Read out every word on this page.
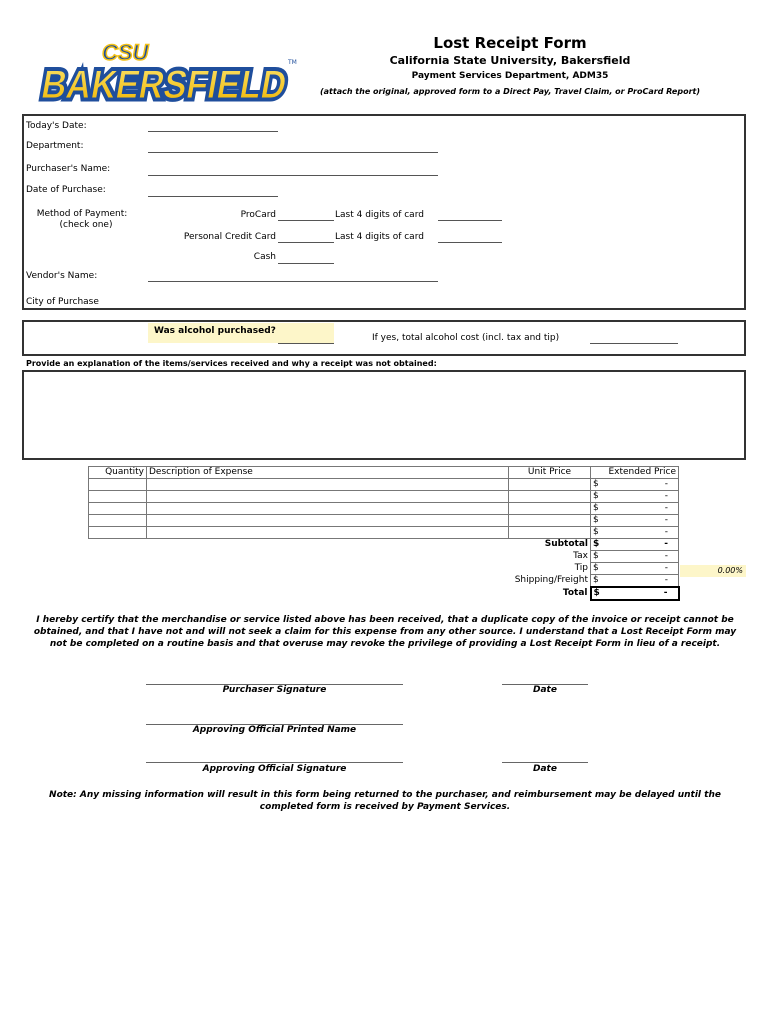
CSU
BAKERSFIELD
BAKERSFIELD
TM
Lost Receipt Form
California State University, Bakersfield
Payment Services Department, ADM35
(attach the original, approved form to a Direct Pay, Travel Claim, or ProCard Report)
Today's Date:
Department:
Purchaser's Name:
Date of Purchase:
Method of Payment:
(check one)
ProCard	Last 4 digits of card
Personal Credit Card	Last 4 digits of card
Cash
Vendor's Name:
City of Purchase
Was alcohol purchased?
If yes, total alcohol cost (incl. tax and tip)
Provide an explanation of the items/services received and why a receipt was not obtained:
Quantity	Description of Expense	Unit Price	Extended Price

			$ -

			$ -

			$ -

			$ -

			$ -

		Subtotal	$ -

		Tax	$ -

		Tip	$ -

		Shipping/Freight	$ -

		Total	$ -
0.00%
I hereby certify that the merchandise or service listed above has been received, that a duplicate copy of the invoice or receipt cannot be obtained, and that I have not and will not seek a claim for this expense from any other source. I understand that a Lost Receipt Form may not be completed on a routine basis and that overuse may revoke the privilege of providing a Lost Receipt Form in lieu of a receipt.
Purchaser Signature	Date
Approving Official Printed Name
Approving Official Signature	Date
Note: Any missing information will result in this form being returned to the purchaser, and reimbursement may be delayed until the completed form is received by Payment Services.
